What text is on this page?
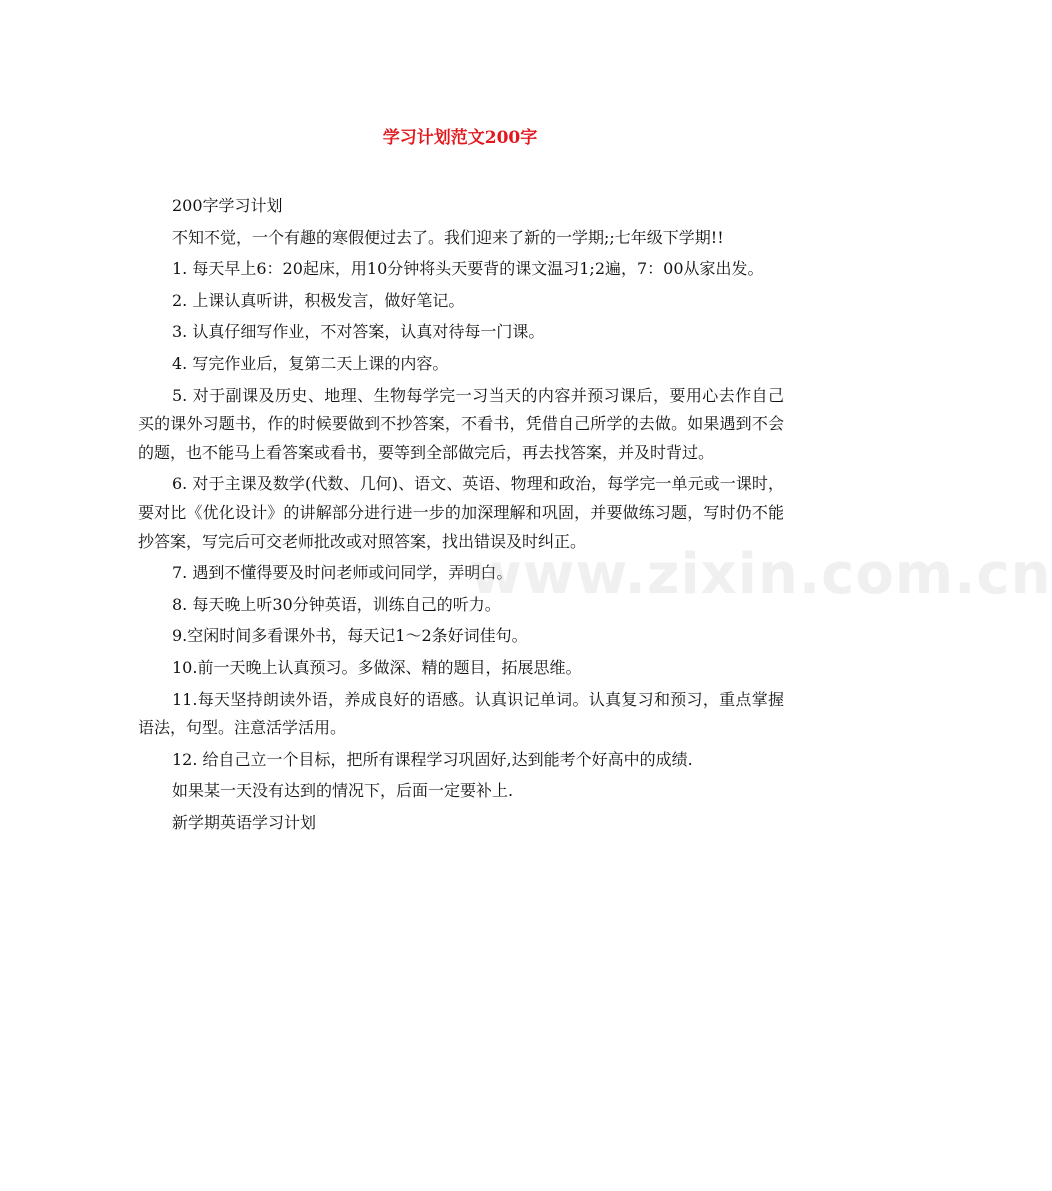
学习计划范文200字

200字学习计划

不知不觉，一个有趣的寒假便过去了。我们迎来了新的一学期;;七年级下学期!!

1. 每天早上6：20起床，用10分钟将头天要背的课文温习1;2遍，7：00从家出发。

2. 上课认真听讲，积极发言，做好笔记。

3. 认真仔细写作业，不对答案，认真对待每一门课。

4. 写完作业后，复第二天上课的内容。

5. 对于副课及历史、地理、生物每学完一习当天的内容并预习课后，要用心去作自己买的课外习题书，作的时候要做到不抄答案，不看书，凭借自己所学的去做。如果遇到不会的题，也不能马上看答案或看书，要等到全部做完后，再去找答案，并及时背过。

6. 对于主课及数学(代数、几何)、语文、英语、物理和政治，每学完一单元或一课时，要对比《优化设计》的讲解部分进行进一步的加深理解和巩固，并要做练习题，写时仍不能抄答案，写完后可交老师批改或对照答案，找出错误及时纠正。

7. 遇到不懂得要及时问老师或问同学，弄明白。

8. 每天晚上听30分钟英语，训练自己的听力。

9.空闲时间多看课外书，每天记1～2条好词佳句。

10.前一天晚上认真预习。多做深、精的题目，拓展思维。

11.每天坚持朗读外语，养成良好的语感。认真识记单词。认真复习和预习，重点掌握语法，句型。注意活学活用。

12. 给自己立一个目标，把所有课程学习巩固好,达到能考个好高中的成绩.

如果某一天没有达到的情况下，后面一定要补上.

新学期英语学习计划

www.zixin.com.cn
